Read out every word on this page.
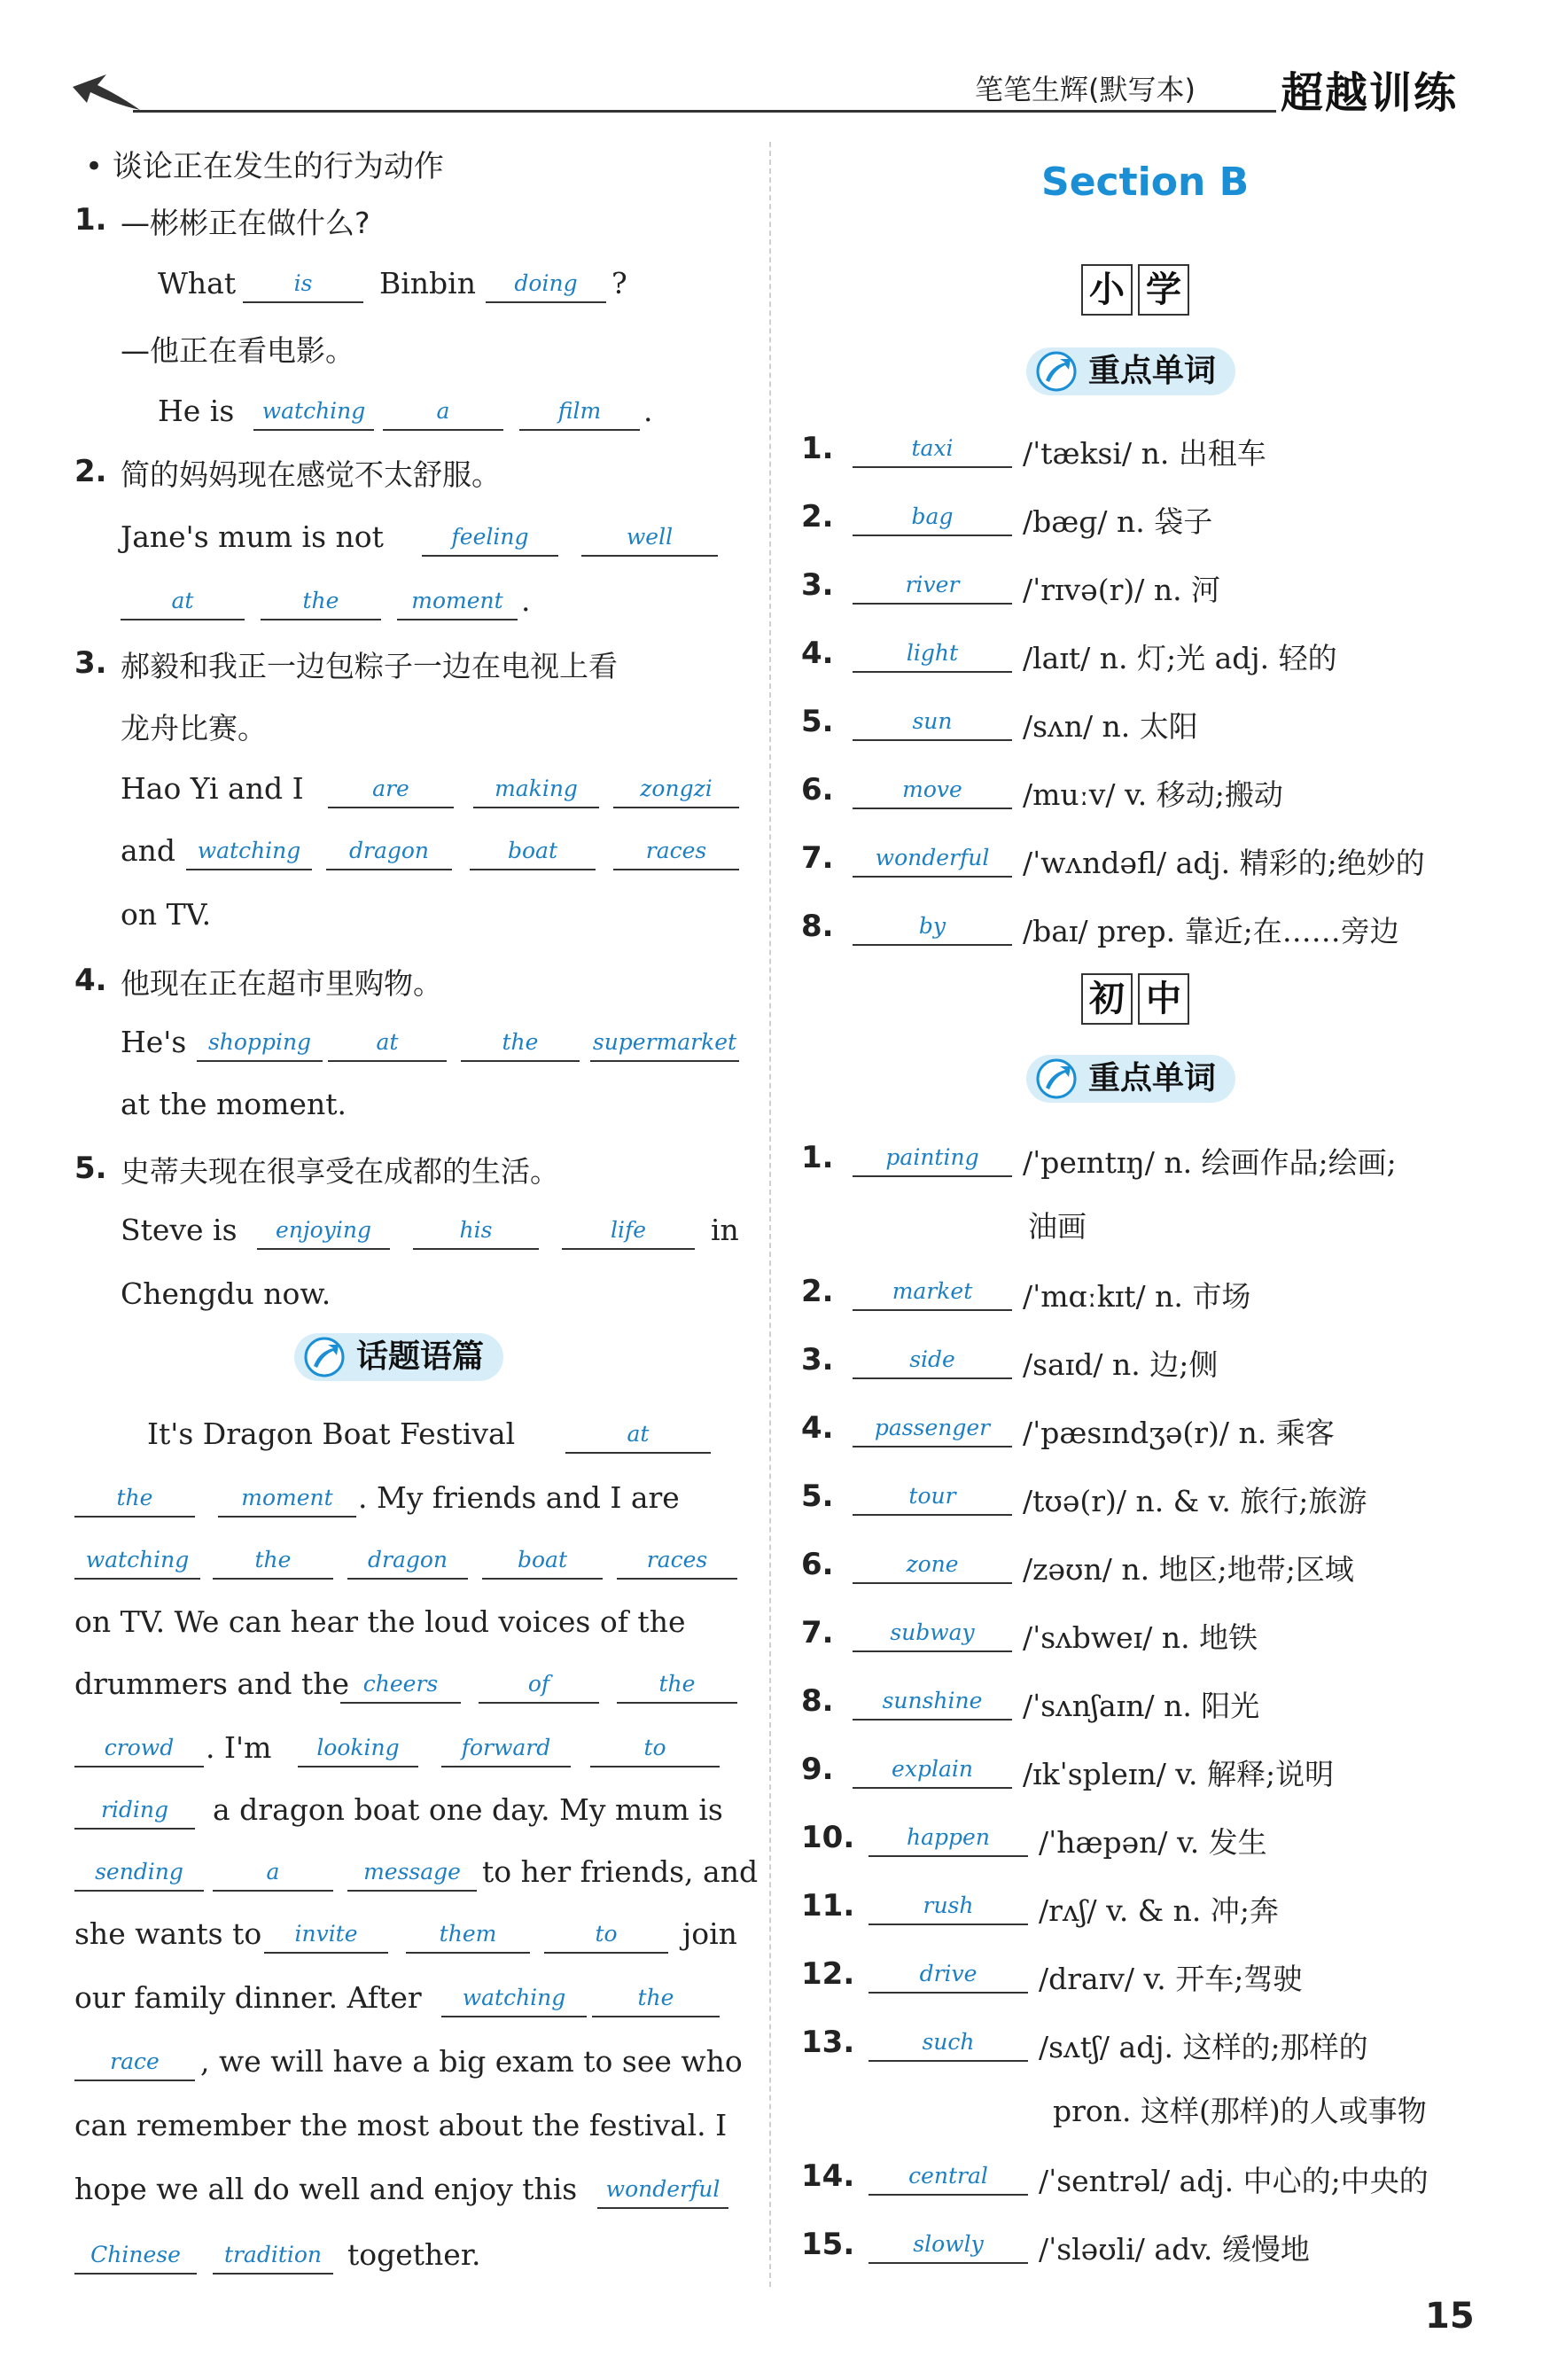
笔笔生辉(默写本) 超越训练
• 谈论正在发生的行为动作
1. —彬彬正在做什么?
What	is	Binbin	doing	?
—他正在看电影。
He is	watching	a	film	.
2. 简的妈妈现在感觉不太舒服。
Jane's mum is not	feeling	well
at	the	moment .
3. 郝毅和我正一边包粽子一边在电视上看
龙舟比赛。
Hao Yi and I	are	making	zongzi
and watching	dragon	boat	races
on TV.
4. 他现在正在超市里购物。
He's shopping	at	the	supermarket
at the moment.
5. 史蒂夫现在很享受在成都的生活。
Steve is	enjoying	his	life	in
Chengdu now.
话题语篇
It's Dragon Boat Festival	at
the	moment . My friends and I are
watching	the	dragon	boat	races
on TV. We can hear the loud voices of the
drummers and the cheers	of	the
crowd	. I'm	looking	forward	to
riding	a dragon boat one day. My mum is
sending	a	message to her friends, and
she wants to	invite	them	to	join
our family dinner. After	watching	the
race	, we will have a big exam to see who
can remember the most about the festival. I
hope we all do well and enjoy this	wonderful
Chinese	tradition together.
Section B
小 学
重点单词
1.	taxi	/ˈtæksi/ n. 出租车
2.	bag	/bæɡ/ n. 袋子
3.	river	/ˈrɪvə(r)/ n. 河
4.	light	/laɪt/ n. 灯;光 adj. 轻的
5.	sun	/sʌn/ n. 太阳
6.	move	/muːv/ v. 移动;搬动
7.	wonderful	/ˈwʌndəfl/ adj. 精彩的;绝妙的
8.	by	/baɪ/ prep. 靠近;在……旁边
初 中
重点单词
1.	painting	/ˈpeɪntɪŋ/ n. 绘画作品;绘画;
油画
2.	market	/ˈmɑːkɪt/ n. 市场
3.	side	/saɪd/ n. 边;侧
4.	passenger	/ˈpæsɪndʒə(r)/ n. 乘客
5.	tour	/tʊə(r)/ n. & v. 旅行;旅游
6.	zone	/zəʊn/ n. 地区;地带;区域
7.	subway	/ˈsʌbweɪ/ n. 地铁
8.	sunshine	/ˈsʌnʃaɪn/ n. 阳光
9.	explain	/ɪkˈspleɪn/ v. 解释;说明
10.	happen	/ˈhæpən/ v. 发生
11.	rush	/rʌʃ/ v. & n. 冲;奔
12.	drive	/draɪv/ v. 开车;驾驶
13.	such	/sʌtʃ/ adj. 这样的;那样的
pron. 这样(那样)的人或事物
14.	central	/ˈsentrəl/ adj. 中心的;中央的
15.	slowly	/ˈsləʊli/ adv. 缓慢地
15
